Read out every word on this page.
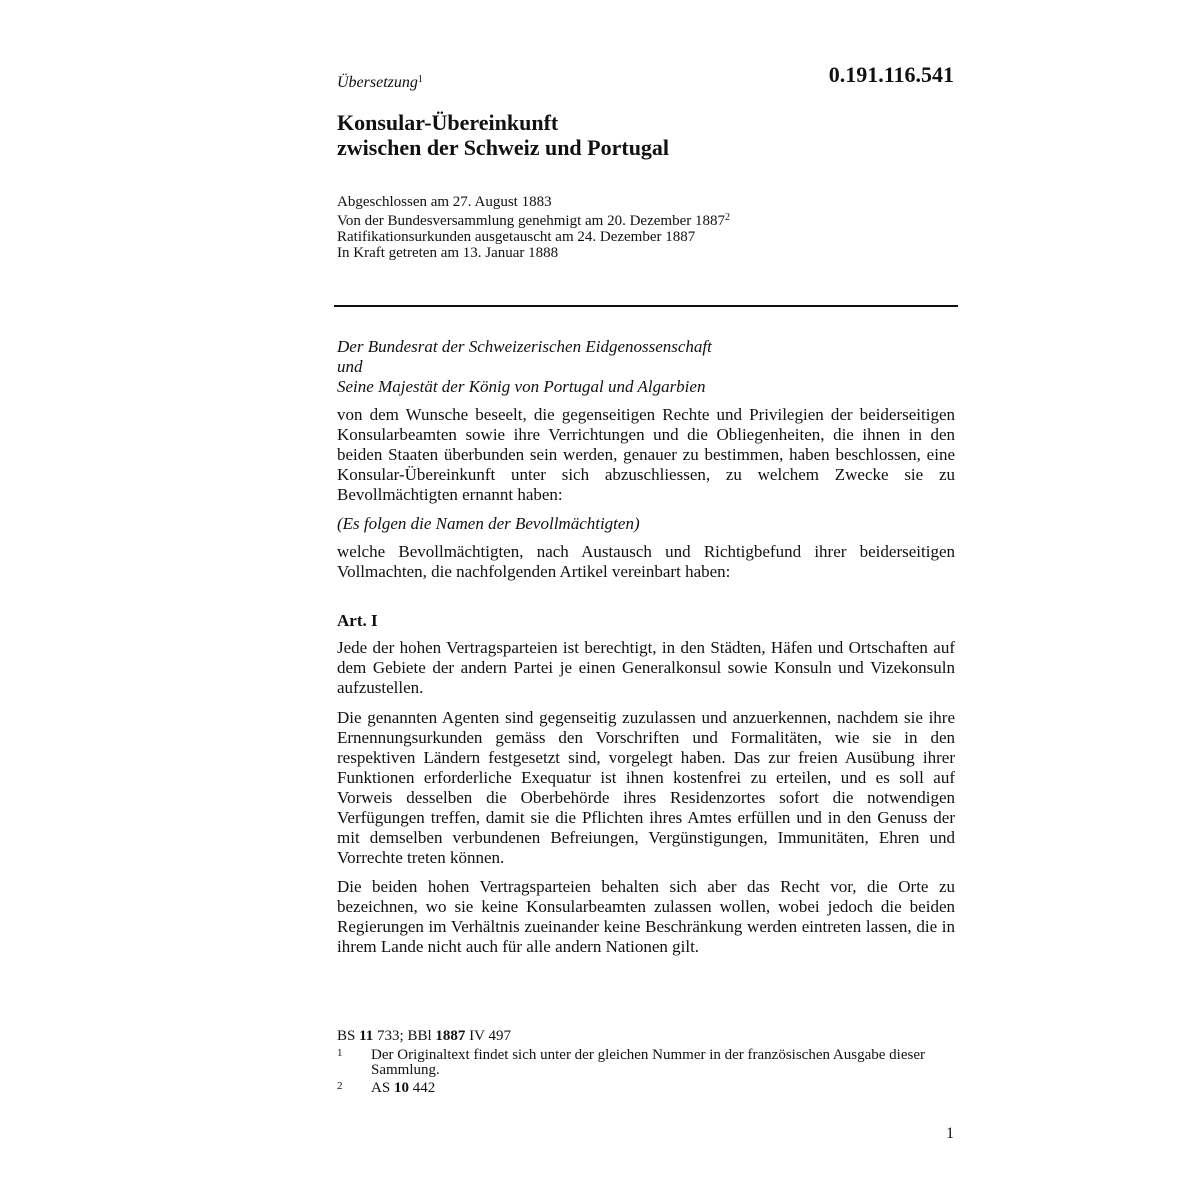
Übersetzung$^1$	0.191.116.541
Konsular-Übereinkunft
zwischen der Schweiz und Portugal
Abgeschlossen am 27. August 1883
Von der Bundesversammlung genehmigt am 20. Dezember 1887$^2$
Ratifikationsurkunden ausgetauscht am 24. Dezember 1887
In Kraft getreten am 13. Januar 1888
Der Bundesrat der Schweizerischen Eidgenossenschaft
und
Seine Majestät der König von Portugal und Algarbien
von dem Wunsche beseelt, die gegenseitigen Rechte und Privilegien der beiderseitigen Konsularbeamten sowie ihre Verrichtungen und die Obliegenheiten, die ihnen in den beiden Staaten überbunden sein werden, genauer zu bestimmen, haben beschlossen, eine Konsular-Übereinkunft unter sich abzuschliessen, zu welchem Zwecke sie zu Bevollmächtigten ernannt haben:
(Es folgen die Namen der Bevollmächtigten)
welche Bevollmächtigten, nach Austausch und Richtigbefund ihrer beiderseitigen Vollmachten, die nachfolgenden Artikel vereinbart haben:
Art. I
Jede der hohen Vertragsparteien ist berechtigt, in den Städten, Häfen und Ortschaften auf dem Gebiete der andern Partei je einen Generalkonsul sowie Konsuln und Vizekonsuln aufzustellen.
Die genannten Agenten sind gegenseitig zuzulassen und anzuerkennen, nachdem sie ihre Ernennungsurkunden gemäss den Vorschriften und Formalitäten, wie sie in den respektiven Ländern festgesetzt sind, vorgelegt haben. Das zur freien Ausübung ihrer Funktionen erforderliche Exequatur ist ihnen kostenfrei zu erteilen, und es soll auf Vorweis desselben die Oberbehörde ihres Residenzortes sofort die notwendigen Verfügungen treffen, damit sie die Pflichten ihres Amtes erfüllen und in den Genuss der mit demselben verbundenen Befreiungen, Vergünstigungen, Immunitäten, Ehren und Vorrechte treten können.
Die beiden hohen Vertragsparteien behalten sich aber das Recht vor, die Orte zu bezeichnen, wo sie keine Konsularbeamten zulassen wollen, wobei jedoch die beiden Regierungen im Verhältnis zueinander keine Beschränkung werden eintreten lassen, die in ihrem Lande nicht auch für alle andern Nationen gilt.
BS 11 733; BBl 1887 IV 497
1 Der Originaltext findet sich unter der gleichen Nummer in der französischen Ausgabe dieser Sammlung.
2 AS 10 442
1
